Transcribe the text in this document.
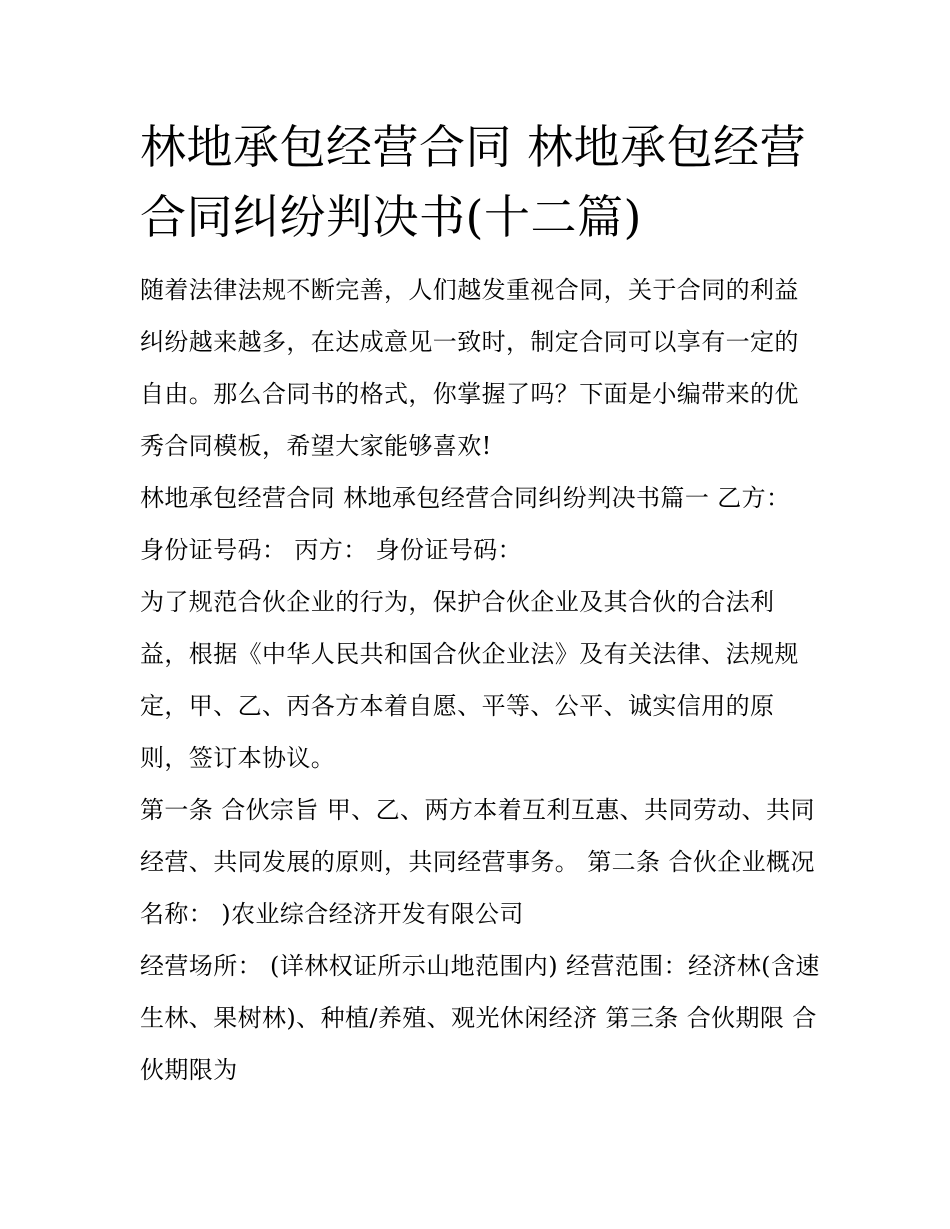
林地承包经营合同 林地承包经营合同纠纷判决书(十二篇)

随着法律法规不断完善，人们越发重视合同，关于合同的利益纠纷越来越多，在达成意见一致时，制定合同可以享有一定的自由。那么合同书的格式，你掌握了吗？下面是小编带来的优秀合同模板，希望大家能够喜欢!

林地承包经营合同 林地承包经营合同纠纷判决书篇一 乙方： 身份证号码： 丙方： 身份证号码：

为了规范合伙企业的行为，保护合伙企业及其合伙的合法利益，根据《中华人民共和国合伙企业法》及有关法律、法规规定，甲、乙、丙各方本着自愿、平等、公平、诚实信用的原则，签订本协议。

第一条 合伙宗旨 甲、乙、两方本着互利互惠、共同劳动、共同经营、共同发展的原则，共同经营事务。 第二条 合伙企业概况 名称： )农业综合经济开发有限公司

经营场所： (详林权证所示山地范围内) 经营范围：经济林(含速生林、果树林)、种植/养殖、观光休闲经济 第三条 合伙期限 合伙期限为
